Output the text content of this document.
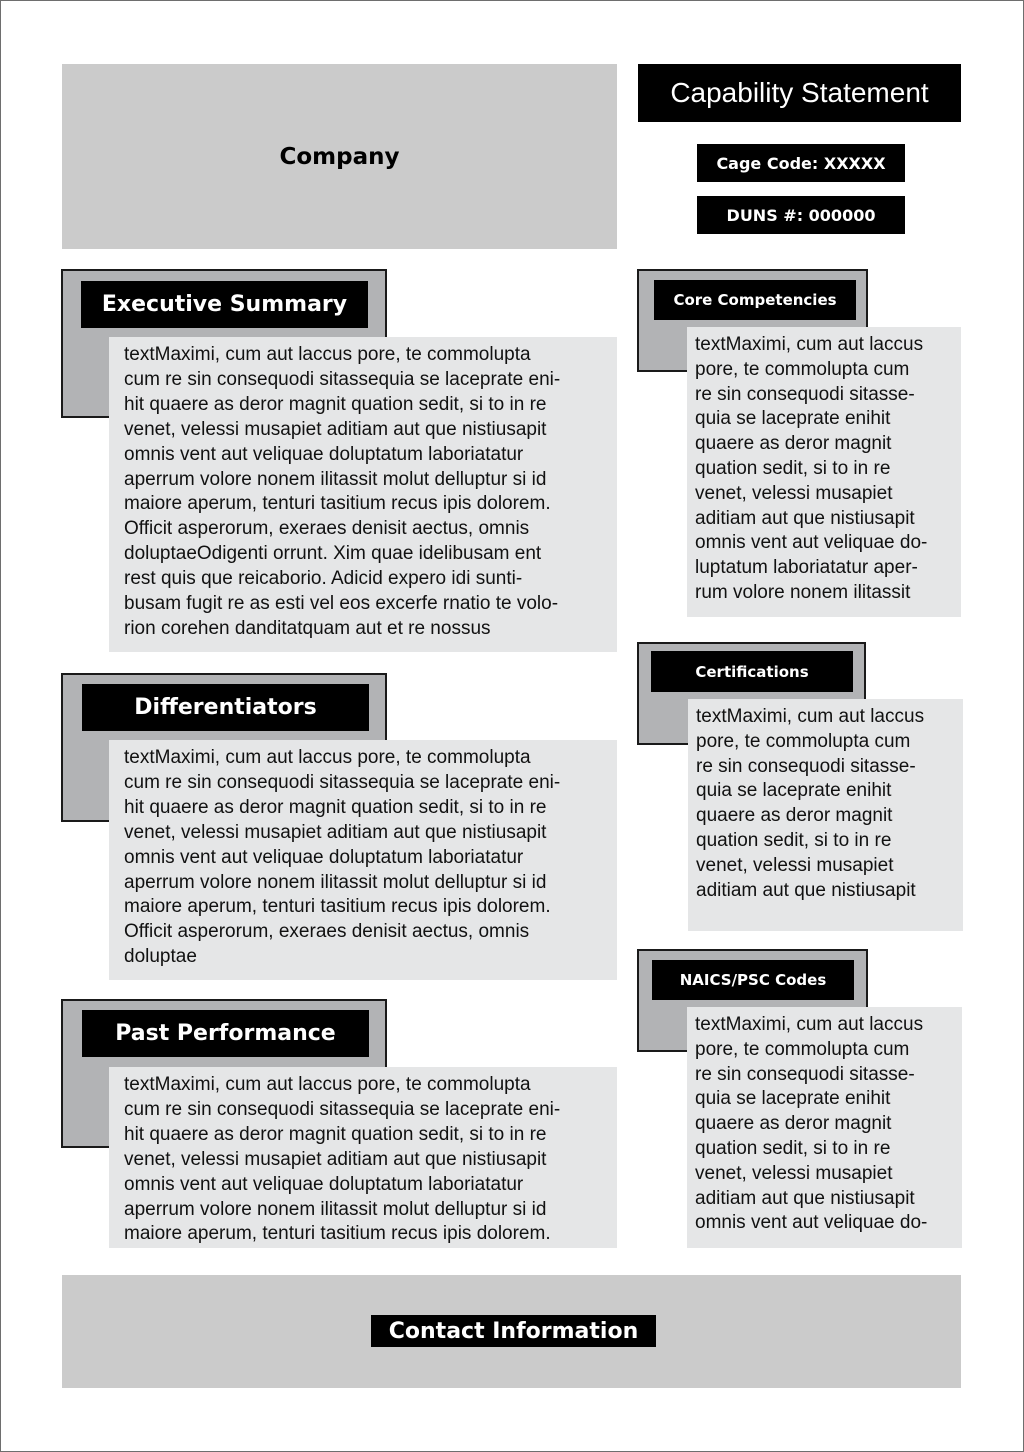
Company
Capability Statement
Cage Code: XXXXX
DUNS #: 000000
Executive Summary
textMaximi, cum aut laccus pore, te commolupta
cum re sin consequodi sitassequia se laceprate eni-
hit quaere as deror magnit quation sedit, si to in re
venet, velessi musapiet aditiam aut que nistiusapit
omnis vent aut veliquae doluptatum laboriatatur
aperrum volore nonem ilitassit molut delluptur si id
maiore aperum, tenturi tasitium recus ipis dolorem.
Officit asperorum, exeraes denisit aectus, omnis
doluptaeOdigenti orrunt. Xim quae idelibusam ent
rest quis que reicaborio. Adicid expero idi sunti-
busam fugit re as esti vel eos excerfe rnatio te volo-
rion corehen danditatquam aut et re nossus
Differentiators
textMaximi, cum aut laccus pore, te commolupta
cum re sin consequodi sitassequia se laceprate eni-
hit quaere as deror magnit quation sedit, si to in re
venet, velessi musapiet aditiam aut que nistiusapit
omnis vent aut veliquae doluptatum laboriatatur
aperrum volore nonem ilitassit molut delluptur si id
maiore aperum, tenturi tasitium recus ipis dolorem.
Officit asperorum, exeraes denisit aectus, omnis
doluptae
Past Performance
textMaximi, cum aut laccus pore, te commolupta
cum re sin consequodi sitassequia se laceprate eni-
hit quaere as deror magnit quation sedit, si to in re
venet, velessi musapiet aditiam aut que nistiusapit
omnis vent aut veliquae doluptatum laboriatatur
aperrum volore nonem ilitassit molut delluptur si id
maiore aperum, tenturi tasitium recus ipis dolorem.
Core Competencies
textMaximi, cum aut laccus
pore, te commolupta cum
re sin consequodi sitasse-
quia se laceprate enihit
quaere as deror magnit
quation sedit, si to in re
venet, velessi musapiet
aditiam aut que nistiusapit
omnis vent aut veliquae do-
luptatum laboriatatur aper-
rum volore nonem ilitassit
Certifications
textMaximi, cum aut laccus
pore, te commolupta cum
re sin consequodi sitasse-
quia se laceprate enihit
quaere as deror magnit
quation sedit, si to in re
venet, velessi musapiet
aditiam aut que nistiusapit
NAICS/PSC Codes
textMaximi, cum aut laccus
pore, te commolupta cum
re sin consequodi sitasse-
quia se laceprate enihit
quaere as deror magnit
quation sedit, si to in re
venet, velessi musapiet
aditiam aut que nistiusapit
omnis vent aut veliquae do-
Contact Information
